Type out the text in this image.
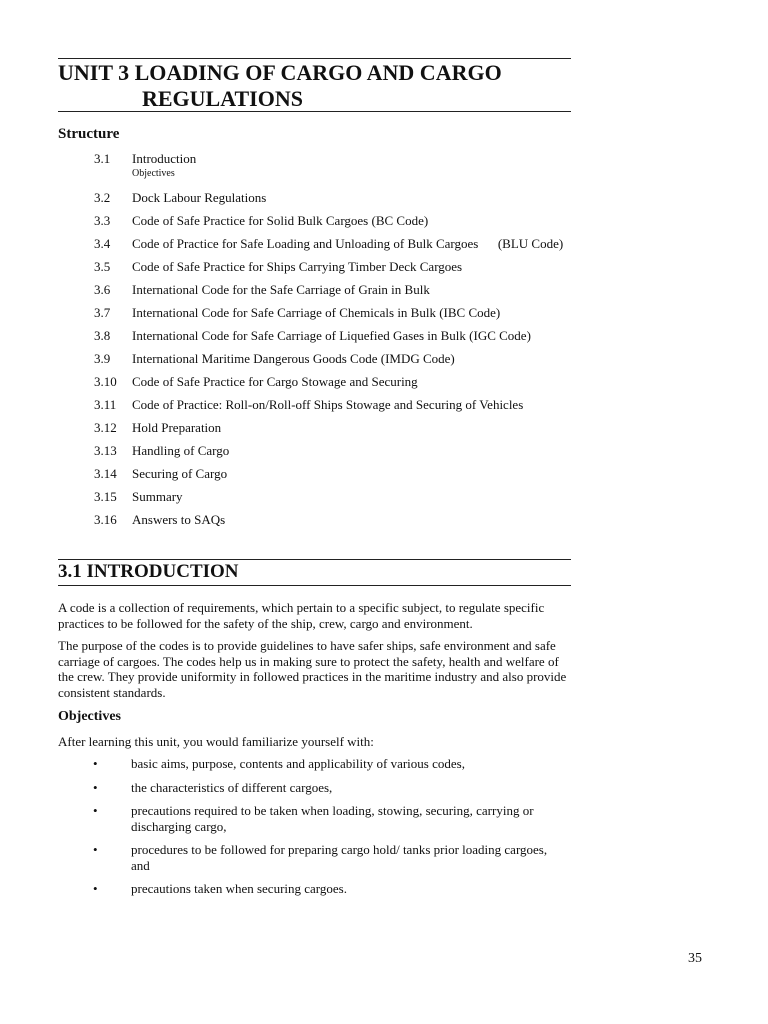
UNIT 3 LOADING OF CARGO AND CARGO
REGULATIONS
Structure
3.1	Introduction
Objectives
3.2	Dock Labour Regulations
3.3	Code of Safe Practice for Solid Bulk Cargoes (BC Code)
3.4	Code of Practice for Safe Loading and Unloading of Bulk Cargoes      (BLU Code)
3.5	Code of Safe Practice for Ships Carrying Timber Deck Cargoes
3.6	International Code for the Safe Carriage of Grain in Bulk
3.7	International Code for Safe Carriage of Chemicals in Bulk (IBC Code)
3.8	International Code for Safe Carriage of Liquefied Gases in Bulk (IGC Code)
3.9	International Maritime Dangerous Goods Code (IMDG Code)
3.10	Code of Safe Practice for Cargo Stowage and Securing
3.11	Code of Practice: Roll-on/Roll-off Ships Stowage and Securing of Vehicles
3.12	Hold Preparation
3.13	Handling of Cargo
3.14	Securing of Cargo
3.15	Summary
3.16	Answers to SAQs
3.1 INTRODUCTION

A code is a collection of requirements, which pertain to a specific subject, to regulate specific practices to be followed for the safety of the ship, crew, cargo and environment.

The purpose of the codes is to provide guidelines to have safer ships, safe environment and safe carriage of cargoes. The codes help us in making sure to protect the safety, health and welfare of the crew. They provide uniformity in followed practices in the maritime industry and also provide consistent standards.

Objectives

After learning this unit, you would familiarize yourself with:

•	basic aims, purpose, contents and applicability of various codes,
•	the characteristics of different cargoes,
•	precautions required to be taken when loading, stowing, securing, carrying or discharging cargo,
•	procedures to be followed for preparing cargo hold/ tanks prior loading cargoes, and
•	precautions taken when securing cargoes.
35
